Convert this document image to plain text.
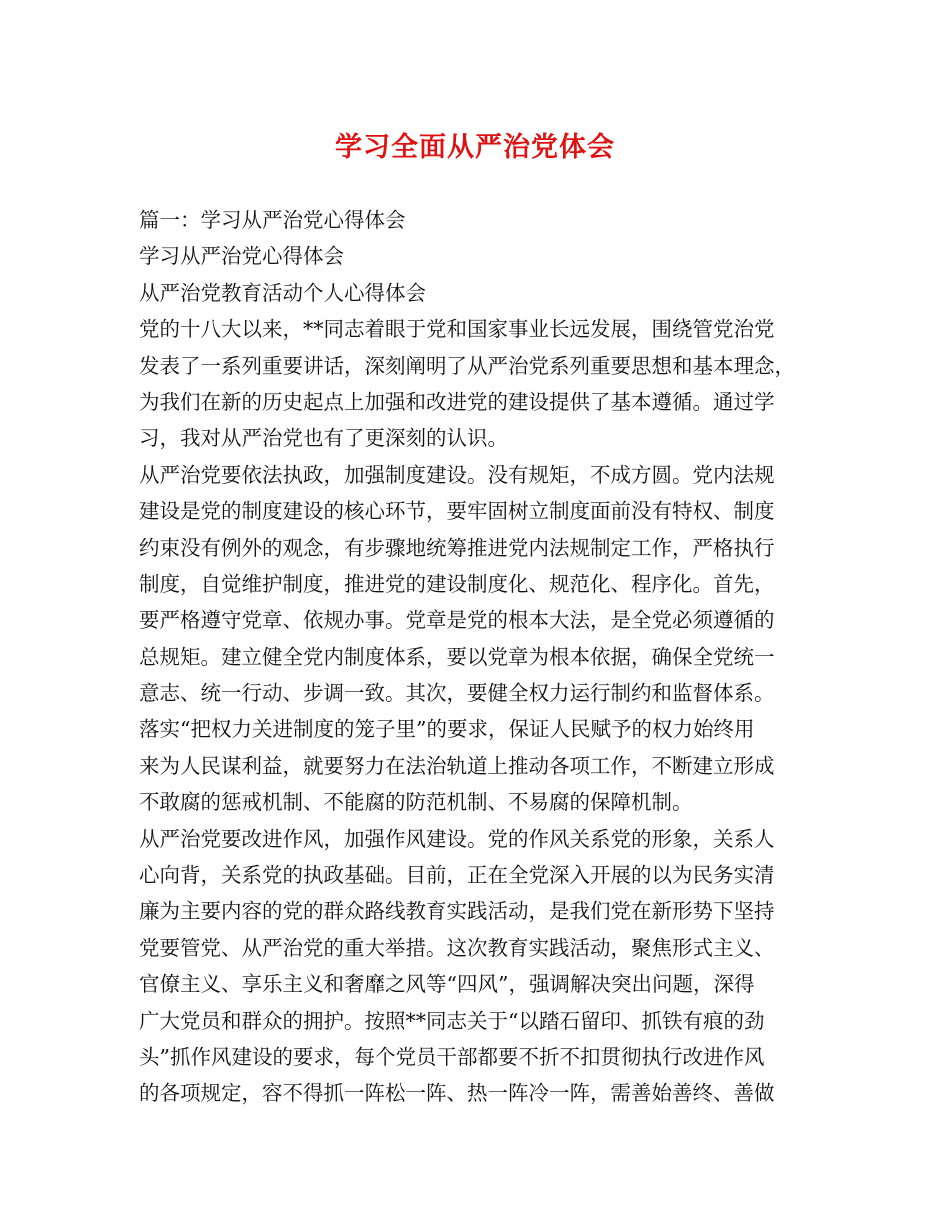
学习全面从严治党体会
篇一：学习从严治党心得体会
学习从严治党心得体会
从严治党教育活动个人心得体会
党的十八大以来，**同志着眼于党和国家事业长远发展，围绕管党治党
发表了一系列重要讲话，深刻阐明了从严治党系列重要思想和基本理念，
为我们在新的历史起点上加强和改进党的建设提供了基本遵循。通过学
习，我对从严治党也有了更深刻的认识。
从严治党要依法执政，加强制度建设。没有规矩，不成方圆。党内法规
建设是党的制度建设的核心环节，要牢固树立制度面前没有特权、制度
约束没有例外的观念，有步骤地统筹推进党内法规制定工作，严格执行
制度，自觉维护制度，推进党的建设制度化、规范化、程序化。首先，
要严格遵守党章、依规办事。党章是党的根本大法，是全党必须遵循的
总规矩。建立健全党内制度体系，要以党章为根本依据，确保全党统一
意志、统一行动、步调一致。其次，要健全权力运行制约和监督体系。
落实“把权力关进制度的笼子里”的要求，保证人民赋予的权力始终用
来为人民谋利益，就要努力在法治轨道上推动各项工作，不断建立形成
不敢腐的惩戒机制、不能腐的防范机制、不易腐的保障机制。
从严治党要改进作风，加强作风建设。党的作风关系党的形象，关系人
心向背，关系党的执政基础。目前，正在全党深入开展的以为民务实清
廉为主要内容的党的群众路线教育实践活动，是我们党在新形势下坚持
党要管党、从严治党的重大举措。这次教育实践活动，聚焦形式主义、
官僚主义、享乐主义和奢靡之风等“四风”，强调解决突出问题，深得
广大党员和群众的拥护。按照**同志关于“以踏石留印、抓铁有痕的劲
头”抓作风建设的要求，每个党员干部都要不折不扣贯彻执行改进作风
的各项规定，容不得抓一阵松一阵、热一阵冷一阵，需善始善终、善做
